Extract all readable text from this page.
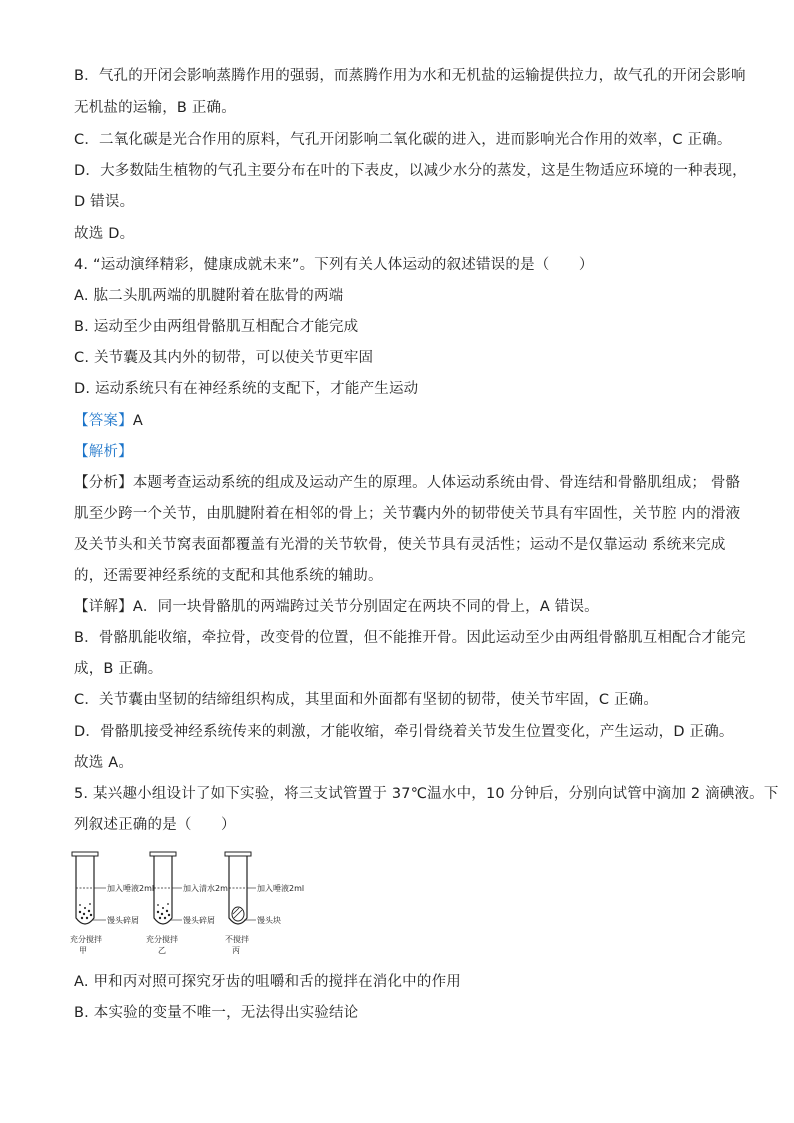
B．气孔的开闭会影响蒸腾作用的强弱，而蒸腾作用为水和无机盐的运输提供拉力，故气孔的开闭会影响
无机盐的运输，B 正确。
C．二氧化碳是光合作用的原料，气孔开闭影响二氧化碳的进入，进而影响光合作用的效率，C 正确。
D．大多数陆生植物的气孔主要分布在叶的下表皮，以减少水分的蒸发，这是生物适应环境的一种表现，
D 错误。
故选 D。
4. “运动演绎精彩，健康成就未来”。下列有关人体运动的叙述错误的是（　　）
A. 肱二头肌两端的肌腱附着在肱骨的两端
B. 运动至少由两组骨骼肌互相配合才能完成
C. 关节囊及其内外的韧带，可以使关节更牢固
D. 运动系统只有在神经系统的支配下，才能产生运动
【答案】A
【解析】
【分析】本题考查运动系统的组成及运动产生的原理。人体运动系统由骨、骨连结和骨骼肌组成； 骨骼
肌至少跨一个关节，由肌腱附着在相邻的骨上；关节囊内外的韧带使关节具有牢固性，关节腔 内的滑液
及关节头和关节窝表面都覆盖有光滑的关节软骨，使关节具有灵活性；运动不是仅靠运动 系统来完成
的，还需要神经系统的支配和其他系统的辅助。
【详解】A．同一块骨骼肌的两端跨过关节分别固定在两块不同的骨上，A 错误。
B．骨骼肌能收缩，牵拉骨，改变骨的位置，但不能推开骨。因此运动至少由两组骨骼肌互相配合才能完
成，B 正确。
C．关节囊由坚韧的结缔组织构成，其里面和外面都有坚韧的韧带，使关节牢固，C 正确。
D．骨骼肌接受神经系统传来的刺激，才能收缩，牵引骨绕着关节发生位置变化，产生运动，D 正确。
故选 A。
5. 某兴趣小组设计了如下实验，将三支试管置于 37℃温水中，10 分钟后，分别向试管中滴加 2 滴碘液。下
列叙述正确的是（　　）
加入唾液2ml
馒头碎屑
充分搅拌
甲
加入清水2ml
馒头碎屑
充分搅拌
乙
加入唾液2ml
馒头块
不搅拌
丙
A. 甲和丙对照可探究牙齿的咀嚼和舌的搅拌在消化中的作用
B. 本实验的变量不唯一，无法得出实验结论
